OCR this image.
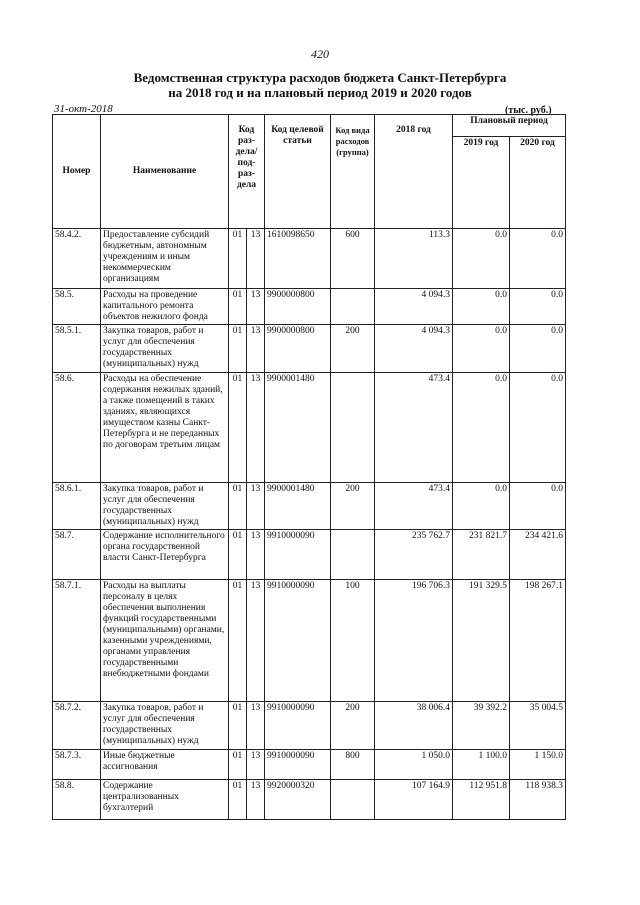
420
Ведомственная структура расходов бюджета Санкт-Петербурга
на 2018 год и на плановый период 2019 и 2020 годов
31-окт-2018	(тыс. руб.)
Номер	Наименование	Код раз-дела/ под-раз-дела		Код целевой статьи	Код вида расходов (группа)	2018 год	Плановый период	
							2019 год	2020 год
58.4.2.	Предоставление субсидий бюджетным, автономным учреждениям и иным некоммерческим организациям	01	13	1610098650	600	113.3	0.0	0.0
58.5.	Расходы на проведение капитального ремонта объектов нежилого фонда	01	13	9900000800		4 094.3	0.0	0.0
58.5.1.	Закупка товаров, работ и услуг для обеспечения государственных (муниципальных) нужд	01	13	9900000800	200	4 094.3	0.0	0.0
58.6.	Расходы на обеспечение содержания нежилых зданий, а также помещений в таких зданиях, являющихся имуществом казны Санкт-Петербурга и не переданных по договорам третьим лицам	01	13	9900001480		473.4	0.0	0.0
58.6.1.	Закупка товаров, работ и услуг для обеспечения государственных (муниципальных) нужд	01	13	9900001480	200	473.4	0.0	0.0
58.7.	Содержание исполнительного органа государственной власти Санкт-Петербурга	01	13	9910000090		235 762.7	231 821.7	234 421.6
58.7.1.	Расходы на выплаты персоналу в целях обеспечения выполнения функций государственными (муниципальными) органами, казенными учреждениями, органами управления государственными внебюджетными фондами	01	13	9910000090	100	196 706.3	191 329.5	198 267.1
58.7.2.	Закупка товаров, работ и услуг для обеспечения государственных (муниципальных) нужд	01	13	9910000090	200	38 006.4	39 392.2	35 004.5
58.7.3.	Иные бюджетные ассигнования	01	13	9910000090	800	1 050.0	1 100.0	1 150.0
58.8.	Содержание централизованных бухгалтерий	01	13	9920000320		107 164.9	112 951.8	118 938.3
